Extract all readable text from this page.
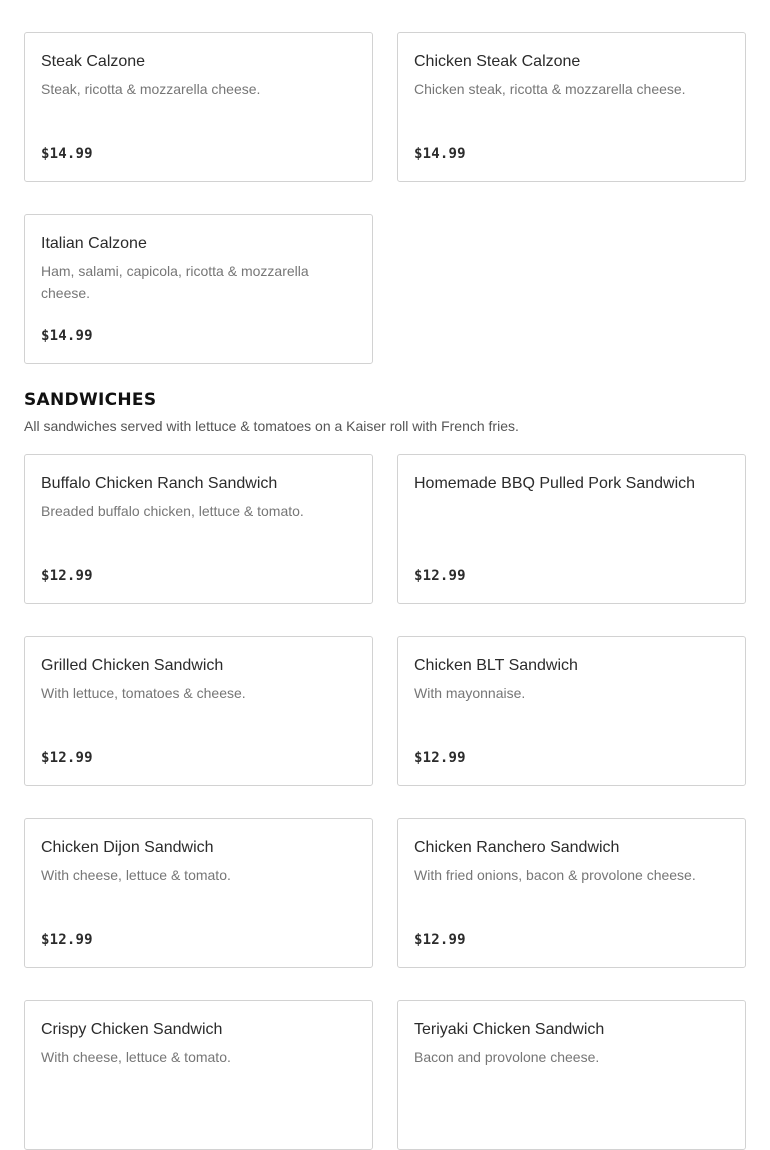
Steak Calzone
Steak, ricotta & mozzarella cheese.
$14.99
Chicken Steak Calzone
Chicken steak, ricotta & mozzarella cheese.
$14.99
Italian Calzone
Ham, salami, capicola, ricotta & mozzarella cheese.
$14.99
SANDWICHES

All sandwiches served with lettuce & tomatoes on a Kaiser roll with French fries.

Buffalo Chicken Ranch Sandwich
Breaded buffalo chicken, lettuce & tomato.
$12.99
Homemade BBQ Pulled Pork Sandwich
$12.99
Grilled Chicken Sandwich
With lettuce, tomatoes & cheese.
$12.99
Chicken BLT Sandwich
With mayonnaise.
$12.99
Chicken Dijon Sandwich
With cheese, lettuce & tomato.
$12.99
Chicken Ranchero Sandwich
With fried onions, bacon & provolone cheese.
$12.99
Crispy Chicken Sandwich
With cheese, lettuce & tomato.
Teriyaki Chicken Sandwich
Bacon and provolone cheese.
